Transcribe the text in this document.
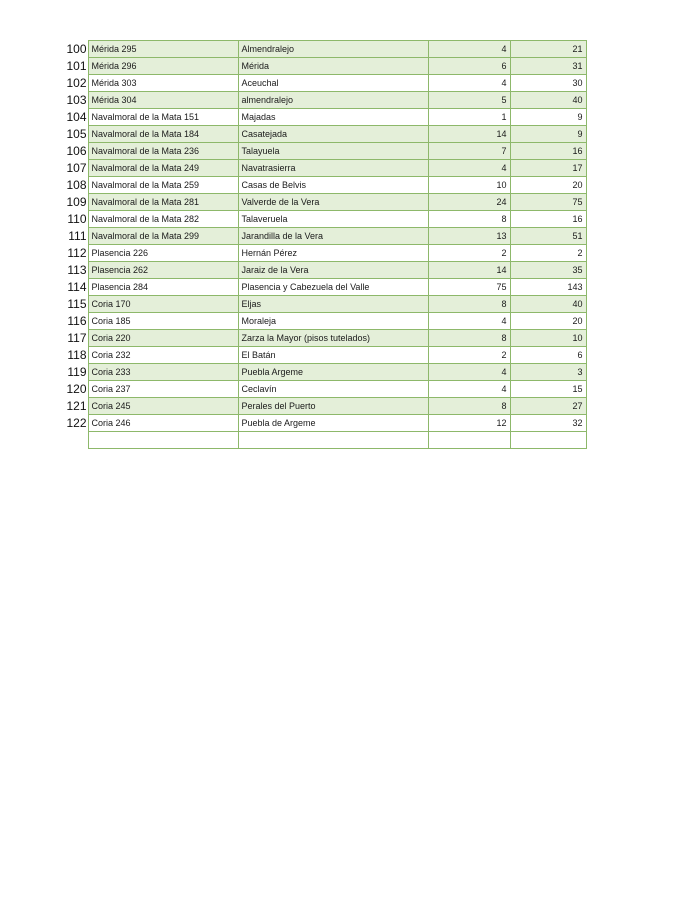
100	Mérida 295	Almendralejo	4	21
101	Mérida 296	Mérida	6	31
102	Mérida 303	Aceuchal	4	30
103	Mérida 304	almendralejo	5	40
104	Navalmoral de la Mata 151	Majadas	1	9
105	Navalmoral de la Mata 184	Casatejada	14	9
106	Navalmoral de la Mata 236	Talayuela	7	16
107	Navalmoral de la Mata 249	Navatrasierra	4	17
108	Navalmoral de la Mata 259	Casas de Belvis	10	20
109	Navalmoral de la Mata 281	Valverde de la Vera	24	75
110	Navalmoral de la Mata 282	Talaveruela	8	16
111	Navalmoral de la Mata 299	Jarandilla de la Vera	13	51
112	Plasencia 226	Hernán Pérez	2	2
113	Plasencia 262	Jaraiz de la Vera	14	35
114	Plasencia 284	Plasencia y Cabezuela del Valle	75	143
115	Coria 170	Eljas	8	40
116	Coria 185	Moraleja	4	20
117	Coria 220	Zarza la Mayor (pisos tutelados)	8	10
118	Coria 232	El Batán	2	6
119	Coria 233	Puebla Argeme	4	3
120	Coria 237	Ceclavín	4	15
121	Coria 245	Perales del Puerto	8	27
122	Coria 246	Puebla de Argeme	12	32
